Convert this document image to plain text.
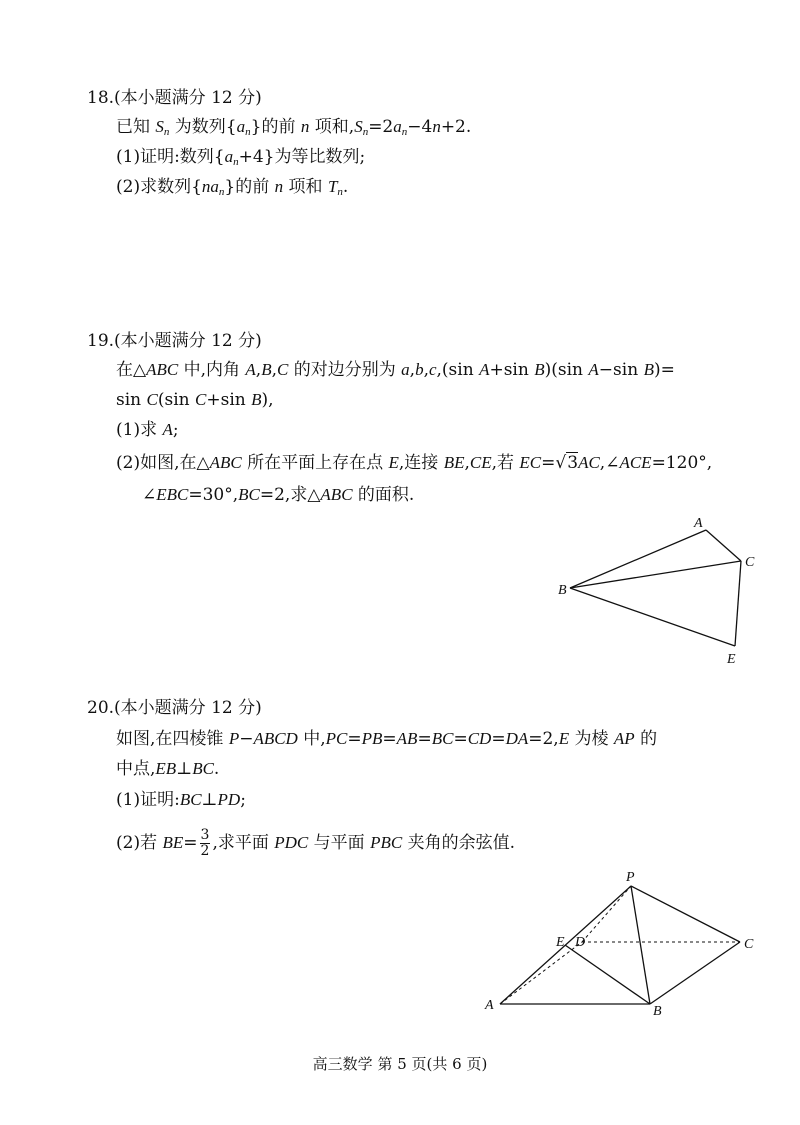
18.(本小题满分 12 分)
已知 $S_n$ 为数列$\{a_n\}$的前 n 项和$,S_n=2a_n-4n+2$.
(1)证明:数列$\{a_n+4\}$为等比数列;
(2)求数列$\{na_n\}$的前 n 项和 $T_n$.
19.(本小题满分 12 分)
在△ABC 中,内角 A,B,C 的对边分别为 a,b,c,(sin A+sin B)(sin A−sin B)=
sin C(sin C+sin B),
(1)求 A;
(2)如图,在△ABC 所在平面上存在点 E,连接 BE,CE,若 EC=√3AC,∠ACE=120°,
∠EBC=30°,BC=2,求△ABC 的面积.
A
B
C
E
20.(本小题满分 12 分)
如图,在四棱锥 P−ABCD 中,PC=PB=AB=BC=CD=DA=2,E 为棱 AP 的
中点,EB⊥BC.
(1)证明:BC⊥PD;
(2)若 $BE= \frac{3}{2}$ ,求平面 PDC 与平面 PBC 夹角的余弦值.
P
E D	C
A	B
高三数学 第 5 页(共 6 页)
